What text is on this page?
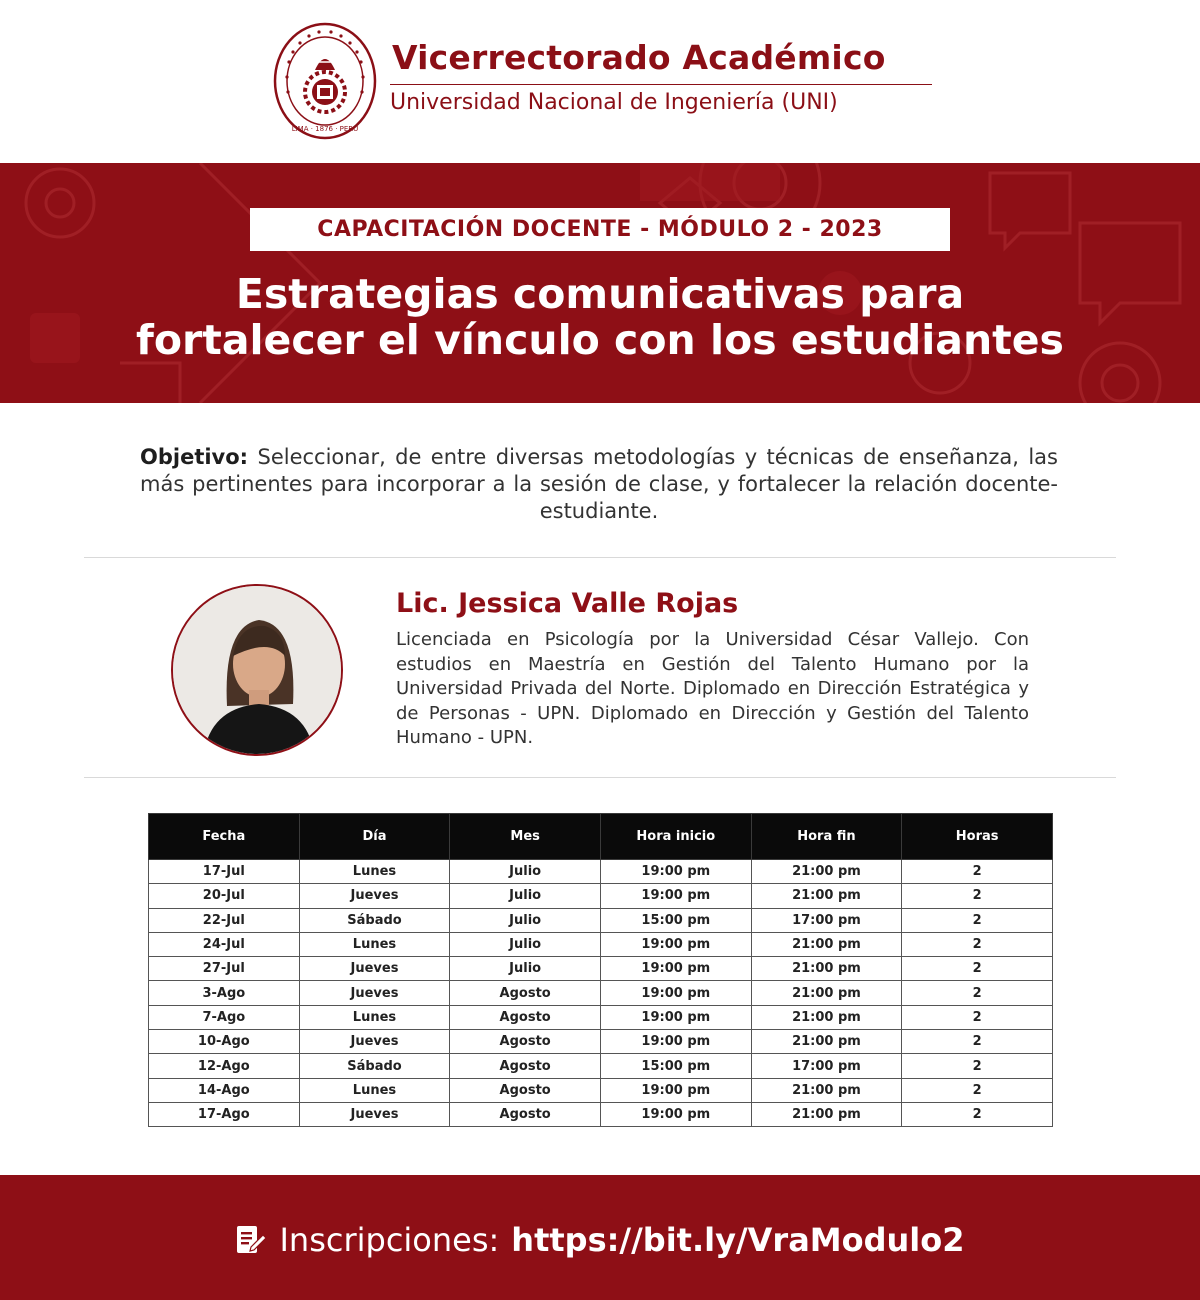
LIMA · 1876 · PERÚ
Vicerrectorado Académico
Universidad Nacional de Ingeniería (UNI)
CAPACITACIÓN DOCENTE - MÓDULO 2 - 2023
Estrategias comunicativas para
fortalecer el vínculo con los estudiantes
Objetivo: Seleccionar, de entre diversas metodologías y técnicas de enseñanza, las más pertinentes para incorporar a la sesión de clase, y fortalecer la relación docente-estudiante.
Lic. Jessica Valle Rojas
Licenciada en Psicología por la Universidad César Vallejo. Con estudios en Maestría en Gestión del Talento Humano por la Universidad Privada del Norte. Diplomado en Dirección Estratégica y de Personas - UPN. Diplomado en Dirección y Gestión del Talento Humano - UPN.
Fecha	Día	Mes	Hora inicio	Hora fin	Horas
17-Jul	Lunes	Julio	19:00 pm	21:00 pm	2
20-Jul	Jueves	Julio	19:00 pm	21:00 pm	2
22-Jul	Sábado	Julio	15:00 pm	17:00 pm	2
24-Jul	Lunes	Julio	19:00 pm	21:00 pm	2
27-Jul	Jueves	Julio	19:00 pm	21:00 pm	2
3-Ago	Jueves	Agosto	19:00 pm	21:00 pm	2
7-Ago	Lunes	Agosto	19:00 pm	21:00 pm	2
10-Ago	Jueves	Agosto	19:00 pm	21:00 pm	2
12-Ago	Sábado	Agosto	15:00 pm	17:00 pm	2
14-Ago	Lunes	Agosto	19:00 pm	21:00 pm	2
17-Ago	Jueves	Agosto	19:00 pm	21:00 pm	2
Inscripciones: https://bit.ly/VraModulo2
